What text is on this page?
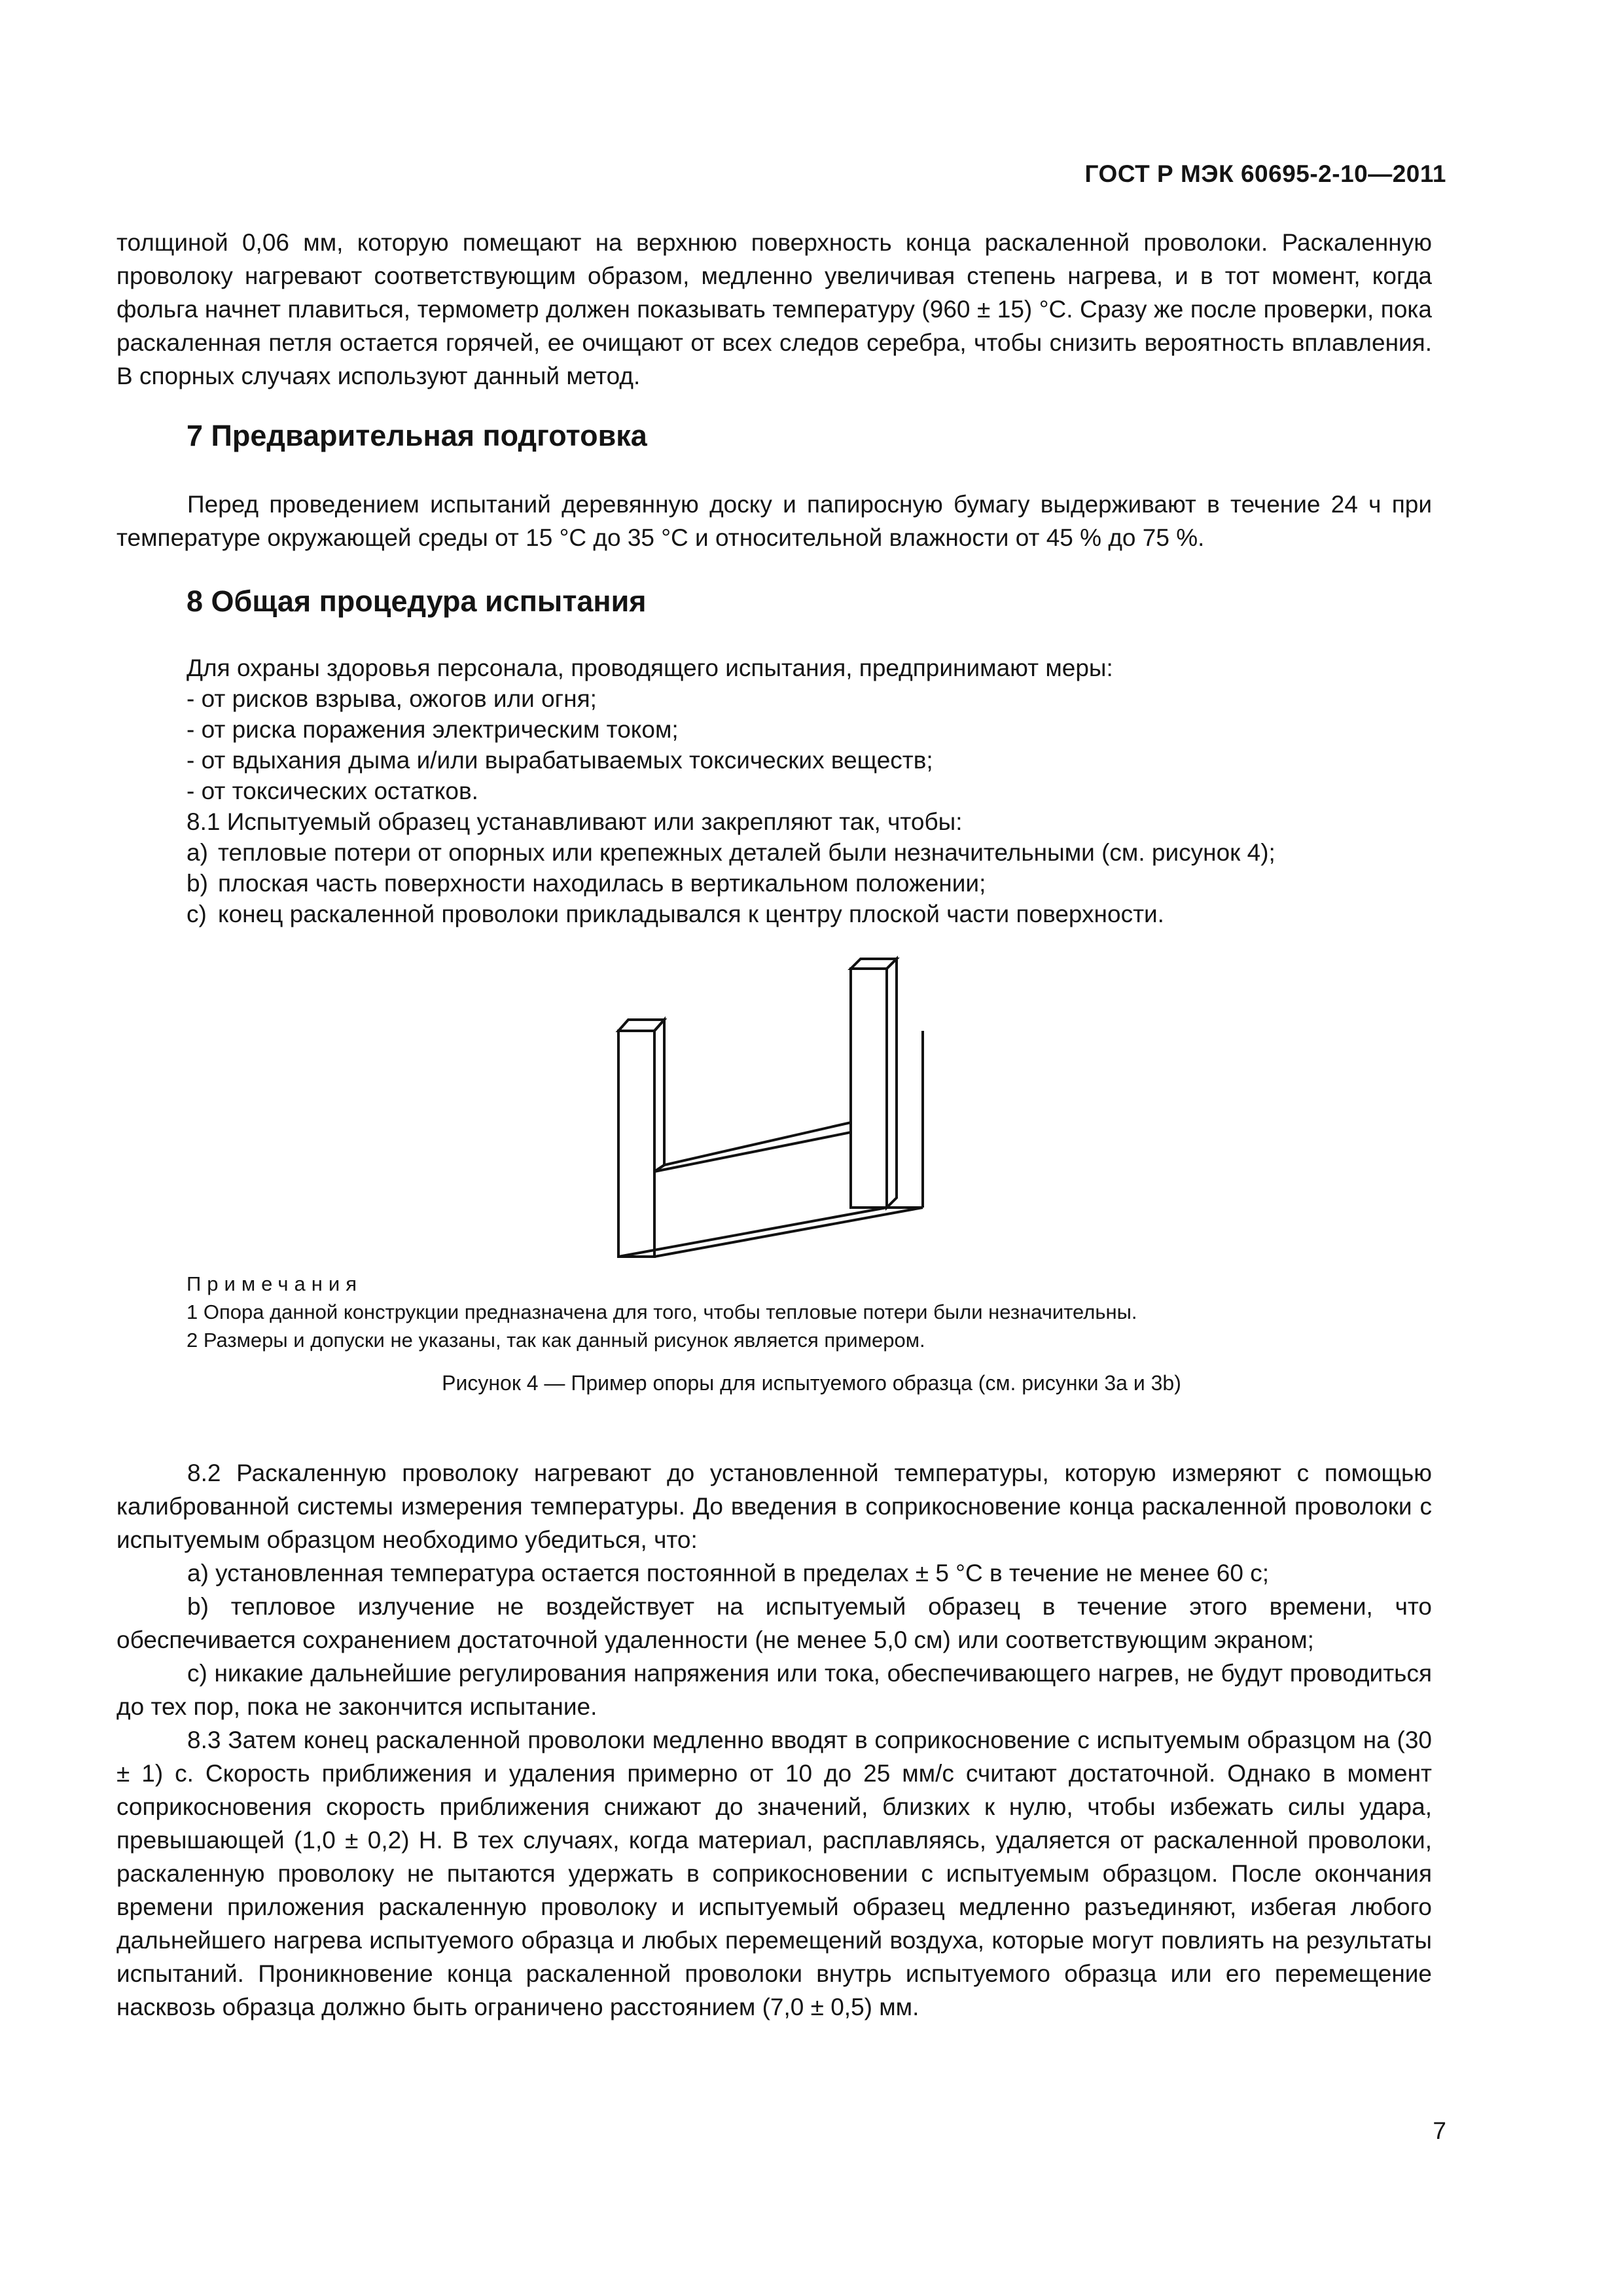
ГОСТ Р МЭК 60695-2-10—2011

толщиной 0,06 мм, которую помещают на верхнюю поверхность конца раскаленной проволоки. Раскаленную проволоку нагревают соответствующим образом, медленно увеличивая степень нагрева, и в тот момент, когда фольга начнет плавиться, термометр должен показывать температуру (960 ± 15) °С. Сразу же после проверки, пока раскаленная петля остается горячей, ее очищают от всех следов серебра, чтобы снизить вероятность вплавления. В спорных случаях используют данный метод.

7 Предварительная подготовка

Перед проведением испытаний деревянную доску и папиросную бумагу выдерживают в течение 24 ч при температуре окружающей среды от 15 °С до 35 °С и относительной влажности от 45 % до 75 %.

8 Общая процедура испытания
Для охраны здоровья персонала, проводящего испытания, предпринимают меры:
- от рисков взрыва, ожогов или огня;
- от риска поражения электрическим током;
- от вдыхания дыма и/или вырабатываемых токсических веществ;
- от токсических остатков.
8.1 Испытуемый образец устанавливают или закрепляют так, чтобы:
a) тепловые потери от опорных или крепежных деталей были незначительными (см. рисунок 4);
b) плоская часть поверхности находилась в вертикальном положении;
c) конец раскаленной проволоки прикладывался к центру плоской части поверхности.
Примечания
1 Опора данной конструкции предназначена для того, чтобы тепловые потери были незначительны.
2 Размеры и допуски не указаны, так как данный рисунок является примером.
Рисунок 4 — Пример опоры для испытуемого образца (см. рисунки 3a и 3b)

8.2 Раскаленную проволоку нагревают до установленной температуры, которую измеряют с помощью калиброванной системы измерения температуры. До введения в соприкосновение конца раскаленной проволоки с испытуемым образцом необходимо убедиться, что:

a) установленная температура остается постоянной в пределах ± 5 °С в течение не менее 60 с;

b) тепловое излучение не воздействует на испытуемый образец в течение этого времени, что обеспечивается сохранением достаточной удаленности (не менее 5,0 см) или соответствующим экраном;

c) никакие дальнейшие регулирования напряжения или тока, обеспечивающего нагрев, не будут проводиться до тех пор, пока не закончится испытание.

8.3 Затем конец раскаленной проволоки медленно вводят в соприкосновение с испытуемым образцом на (30 ± 1) с. Скорость приближения и удаления примерно от 10 до 25 мм/с считают достаточной. Однако в момент соприкосновения скорость приближения снижают до значений, близких к нулю, чтобы избежать силы удара, превышающей (1,0 ± 0,2) Н. В тех случаях, когда материал, расплавляясь, удаляется от раскаленной проволоки, раскаленную проволоку не пытаются удержать в соприкосновении с испытуемым образцом. После окончания времени приложения раскаленную проволоку и испытуемый образец медленно разъединяют, избегая любого дальнейшего нагрева испытуемого образца и любых перемещений воздуха, которые могут повлиять на результаты испытаний. Проникновение конца раскаленной проволоки внутрь испытуемого образца или его перемещение насквозь образца должно быть ограничено расстоянием (7,0 ± 0,5) мм.

7
